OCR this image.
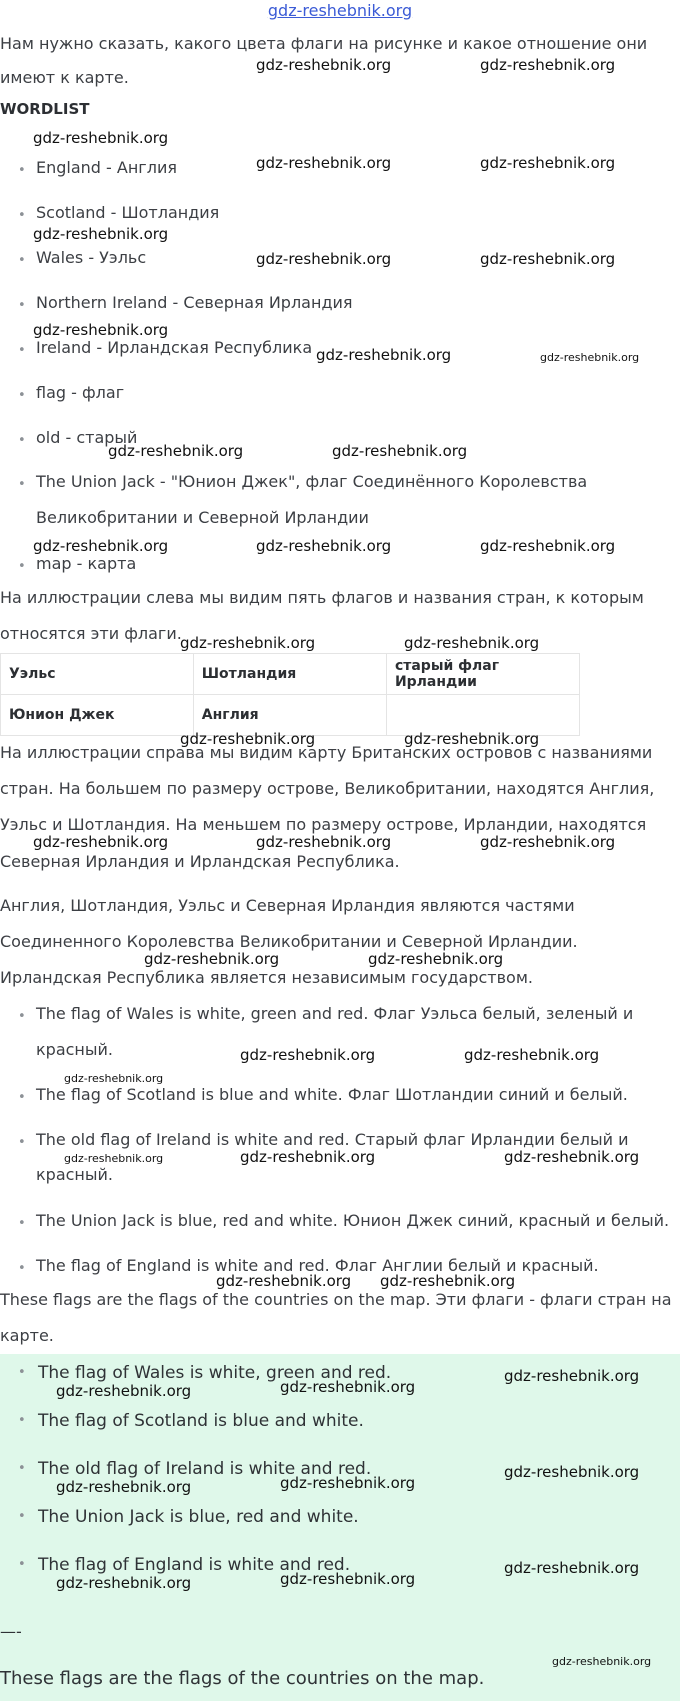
gdz-reshebnik.org

Нам нужно сказать, какого цвета флаги на рисунке и какое отношение они

имеют к карте.

WORDLIST

• England - Англия

• Scotland - Шотландия

• Wales - Уэльс

• Northern Ireland - Северная Ирландия

• Ireland - Ирландская Республика

• flag - флаг

• old - старый

• The Union Jack - "Юнион Джек", флаг Соединённого Королевства

Великобритании и Северной Ирландии

• map - карта

На иллюстрации слева мы видим пять флагов и названия стран, к которым

относятся эти флаги.

Уэльс	Шотландия	старый флаг Ирландии
Юнион Джек	Англия	

На иллюстрации справа мы видим карту Британских островов с названиями

стран. На большем по размеру острове, Великобритании, находятся Англия,

Уэльс и Шотландия. На меньшем по размеру острове, Ирландии, находятся

Северная Ирландия и Ирландская Республика.

Англия, Шотландия, Уэльс и Северная Ирландия являются частями

Соединенного Королевства Великобритании и Северной Ирландии.

Ирландская Республика является независимым государством.

• The flag of Wales is white, green and red. Флаг Уэльса белый, зеленый и

красный.

• The flag of Scotland is blue and white. Флаг Шотландии синий и белый.

• The old flag of Ireland is white and red. Старый флаг Ирландии белый и

красный.

• The Union Jack is blue, red and white. Юнион Джек синий, красный и белый.

• The flag of England is white and red. Флаг Англии белый и красный.

These flags are the flags of the countries on the map. Эти флаги - флаги стран на

карте.

• The flag of Wales is white, green and red.

• The flag of Scotland is blue and white.

• The old flag of Ireland is white and red.

• The Union Jack is blue, red and white.

• The flag of England is white and red.

—-
These flags are the flags of the countries on the map.
gdz-reshebnik.org	gdz-reshebnik.org
gdz-reshebnik.org
gdz-reshebnik.org	gdz-reshebnik.org
gdz-reshebnik.org
gdz-reshebnik.org	gdz-reshebnik.org
gdz-reshebnik.org
gdz-reshebnik.org	gdz-reshebnik.org
gdz-reshebnik.org	gdz-reshebnik.org
gdz-reshebnik.org	gdz-reshebnik.org	gdz-reshebnik.org
gdz-reshebnik.org	gdz-reshebnik.org
gdz-reshebnik.org	gdz-reshebnik.org
gdz-reshebnik.org	gdz-reshebnik.org	gdz-reshebnik.org
gdz-reshebnik.org	gdz-reshebnik.org
gdz-reshebnik.org	gdz-reshebnik.org
gdz-reshebnik.org
gdz-reshebnik.org	gdz-reshebnik.org	gdz-reshebnik.org
gdz-reshebnik.org gdz-reshebnik.org
gdz-reshebnik.org	gdz-reshebnik.org
gdz-reshebnik.org
gdz-reshebnik.org	gdz-reshebnik.org
gdz-reshebnik.org
gdz-reshebnik.org	gdz-reshebnik.org
gdz-reshebnik.org
gdz-reshebnik.org
